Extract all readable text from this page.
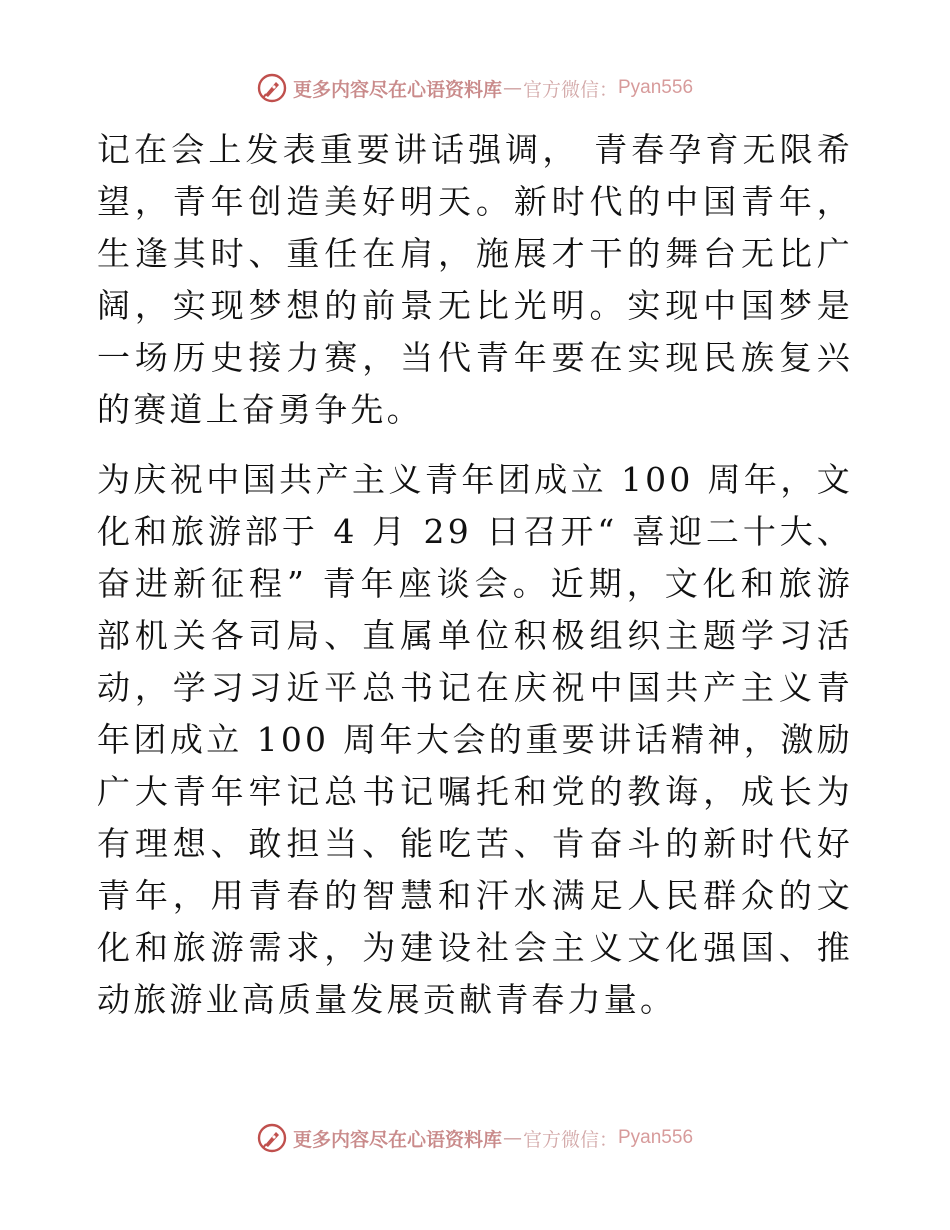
更多内容尽在心语资料库 — 官方微信： Pyan556

记在会上发表重要讲话强调， 青春孕育无限希望，青年创造美好明天。新时代的中国青年，生逢其时、重任在肩，施展才干的舞台无比广阔，实现梦想的前景无比光明。实现中国梦是一场历史接力赛，当代青年要在实现民族复兴的赛道上奋勇争先。

为庆祝中国共产主义青年团成立 100 周年，文化和旅游部于 4 月 29 日召开“ 喜迎二十大、奋进新征程” 青年座谈会。近期，文化和旅游部机关各司局、直属单位积极组织主题学习活动，学习习近平总书记在庆祝中国共产主义青年团成立 100 周年大会的重要讲话精神，激励广大青年牢记总书记嘱托和党的教诲，成长为有理想、敢担当、能吃苦、肯奋斗的新时代好青年，用青春的智慧和汗水满足人民群众的文化和旅游需求，为建设社会主义文化强国、推动旅游业高质量发展贡献青春力量。

更多内容尽在心语资料库 — 官方微信： Pyan556
